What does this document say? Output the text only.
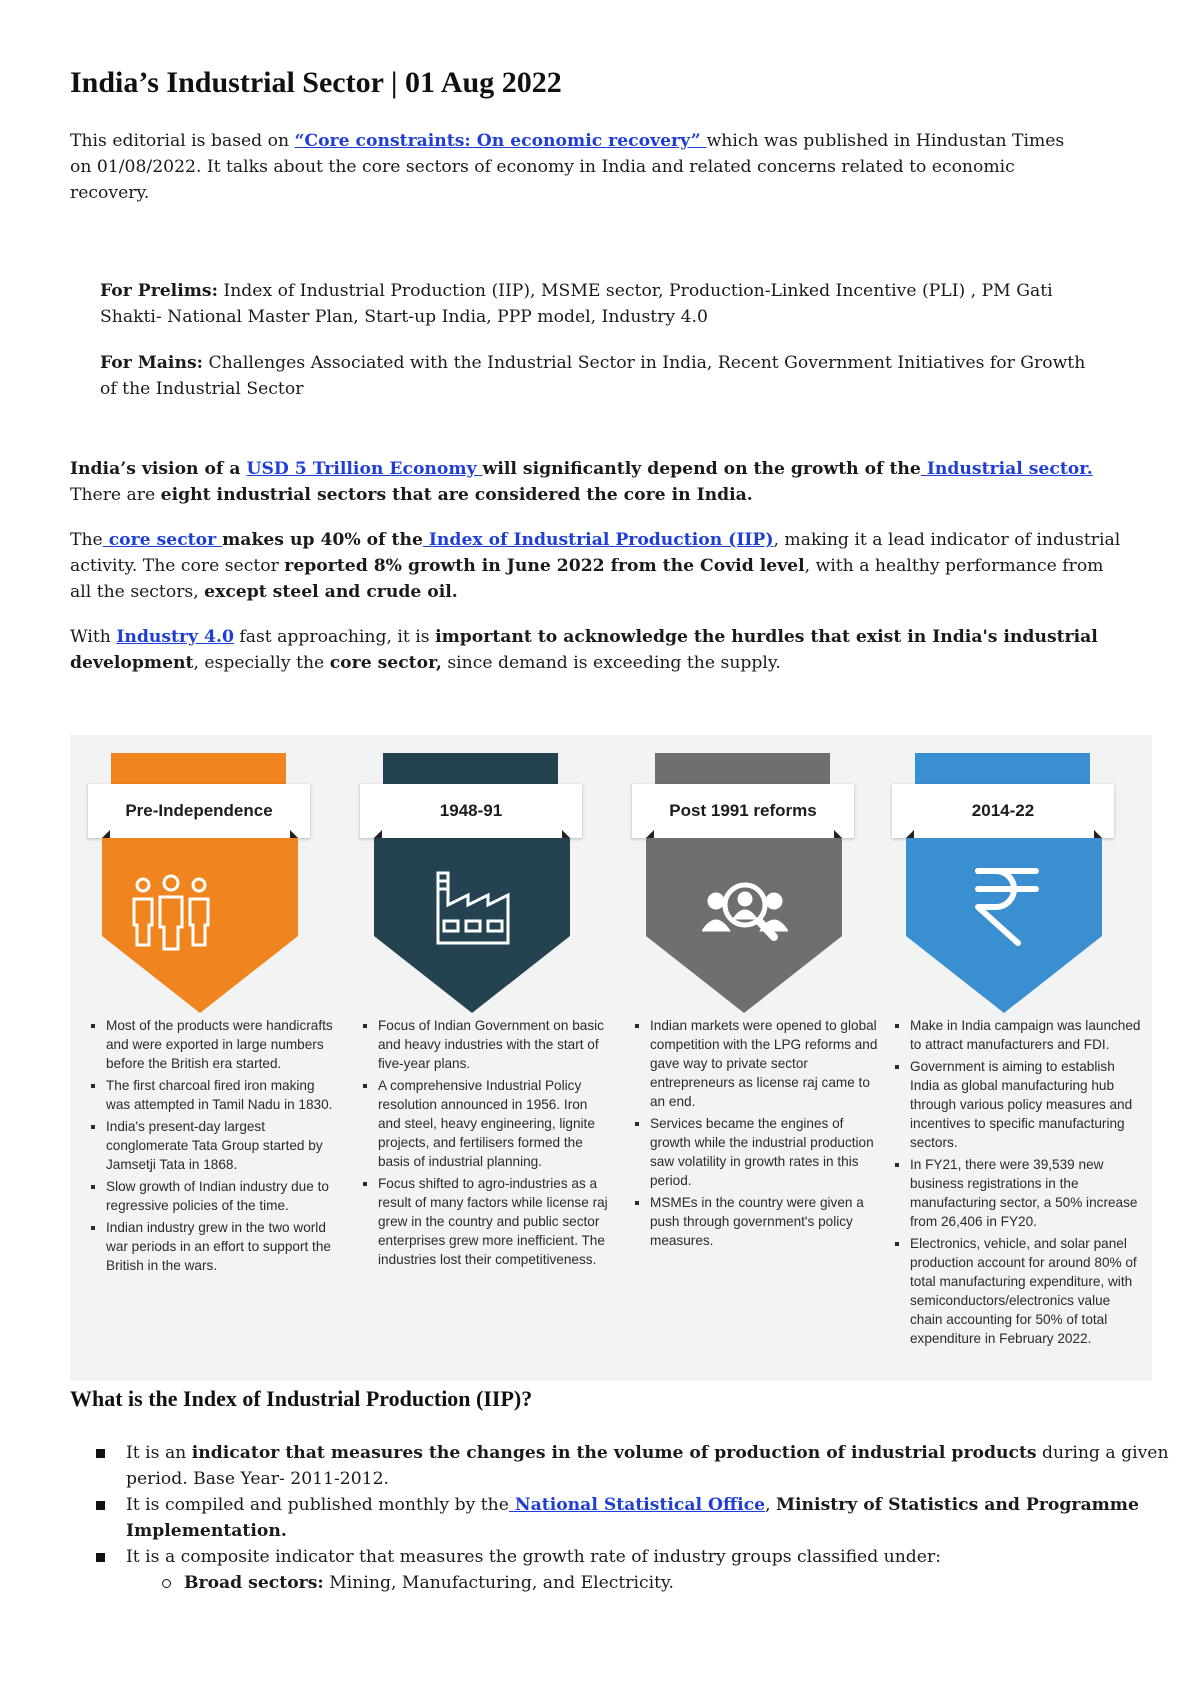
India’s Industrial Sector | 01 Aug 2022

This editorial is based on “Core constraints: On economic recovery” which was published in Hindustan Times on 01/08/2022. It talks about the core sectors of economy in India and related concerns related to economic recovery.

For Prelims: Index of Industrial Production (IIP), MSME sector, Production-Linked Incentive (PLI) , PM Gati Shakti- National Master Plan, Start-up India, PPP model, Industry 4.0

For Mains: Challenges Associated with the Industrial Sector in India, Recent Government Initiatives for Growth of the Industrial Sector

India’s vision of a USD 5 Trillion Economy will significantly depend on the growth of the Industrial sector. There are eight industrial sectors that are considered the core in India.

The core sector makes up 40% of the Index of Industrial Production (IIP), making it a lead indicator of industrial activity. The core sector reported 8% growth in June 2022 from the Covid level, with a healthy performance from all the sectors, except steel and crude oil.

With Industry 4.0 fast approaching, it is important to acknowledge the hurdles that exist in India's industrial development, especially the core sector, since demand is exceeding the supply.

Pre-Independence
▪ Most of the products were handicrafts and were exported in large numbers before the British era started.
▪ The first charcoal fired iron making was attempted in Tamil Nadu in 1830.
▪ India's present-day largest conglomerate Tata Group started by Jamsetji Tata in 1868.
▪ Slow growth of Indian industry due to regressive policies of the time.
▪ Indian industry grew in the two world war periods in an effort to support the British in the wars.
1948-91
▪ Focus of Indian Government on basic and heavy industries with the start of five-year plans.
▪ A comprehensive Industrial Policy resolution announced in 1956. Iron and steel, heavy engineering, lignite projects, and fertilisers formed the basis of industrial planning.
▪ Focus shifted to agro-industries as a result of many factors while license raj grew in the country and public sector enterprises grew more inefficient. The industries lost their competitiveness.
Post 1991 reforms
▪ Indian markets were opened to global competition with the LPG reforms and gave way to private sector entrepreneurs as license raj came to an end.
▪ Services became the engines of growth while the industrial production saw volatility in growth rates in this period.
▪ MSMEs in the country were given a push through government's policy measures.
2014-22
▪ Make in India campaign was launched to attract manufacturers and FDI.
▪ Government is aiming to establish India as global manufacturing hub through various policy measures and incentives to specific manufacturing sectors.
▪ In FY21, there were 39,539 new business registrations in the manufacturing sector, a 50% increase from 26,406 in FY20.
▪ Electronics, vehicle, and solar panel production account for around 80% of total manufacturing expenditure, with semiconductors/electronics value chain accounting for 50% of total expenditure in February 2022.
What is the Index of Industrial Production (IIP)?
It is an indicator that measures the changes in the volume of production of industrial products during a given period. Base Year- 2011-2012.
It is compiled and published monthly by the National Statistical Office, Ministry of Statistics and Programme Implementation.
It is a composite indicator that measures the growth rate of industry groups classified under:
Broad sectors: Mining, Manufacturing, and Electricity.
